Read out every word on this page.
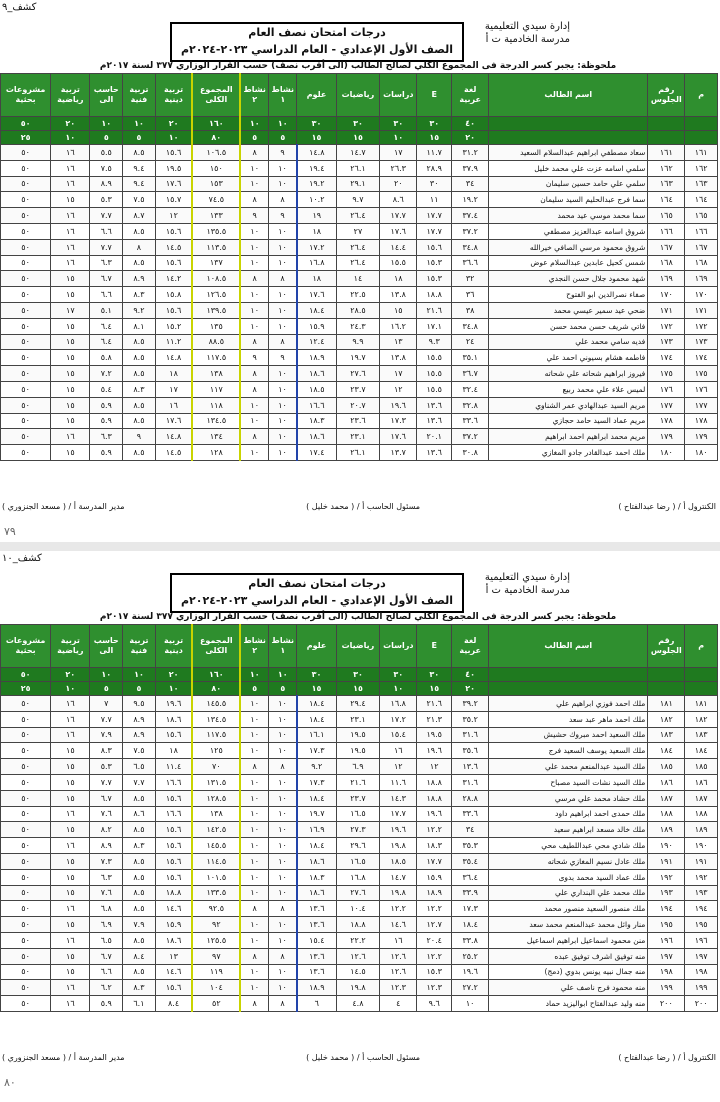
كشف_٩
إدارة سيدي التعليمية
مدرسة الخادمية ت أ
درجات امتحان نصف العام
الصف الأول الإعدادي - العام الدراسي ٢٠٢٣-٢٠٢٤م
ملحوظة: يجبر كسر الدرجة فى المجموع الكلي لصالح الطالب (الى أقرب نصف) حسب القرار الوزاري ٣٧٧ لسنة ٢٠١٧م
م	رقم الجلوس	اسم الطالب	لغة عربية	E	دراسات	رياضيات	علوم	نشاط ١	نشاط ٢	المجموع الكلى	تربية دينية	تربية فنية	حاسب الى	تربية رياضية	مشروعات بحثية
			٤٠	٣٠	٣٠	٣٠	٣٠	١٠	١٠	١٦٠	٢٠	١٠	١٠	٢٠	٥٠
			٢٠	١٥	١٠	١٥	١٥	٥	٥	٨٠	١٠	٥	٥	١٠	٢٥
١٦١	١٦١	سعاد مصطفي ابراهيم عبدالسلام السعيد	٣١.٢	١١.٧	١٧	١٤.٧	١٤.٨	٩	٨	١٠٦.٥	١٥.٦	٨.٥	٥.٥	١٦	٥٠
١٦٢	١٦٢	سلمي اسامه عزت علي محمد خليل	٣٧.٩	٢٨.٩	٢٦.٣	٢٦.١	١٩.٤	١٠	١٠	١٥٠	١٩.٥	٩.٤	٧.٥	١٦	٥٠
١٦٣	١٦٣	سلمي علي حامد حسين سليمان	٣٤	٣٠	٢٠	٢٩.١	١٩.٢	١٠	١٠	١٥٣	١٧.٦	٩.٤	٨.٩	١٦	٥٠
١٦٤	١٦٤	سما فرج عبدالحليم السيد سليمان	١٩.٢	١١	٨.٦	٩.٧	١٠.٢	٨	٨	٧٤.٥	١٥.٧	٧.٥	٥.٣	١٥	٥٠
١٦٥	١٦٥	سما محمد موسي عيد محمد	٣٧.٤	١٧.٧	١٧.٧	٢٦.٤	١٩	٩	٩	١٣٣	١٢	٨.٧	٧.٧	١٦	٥٠
١٦٦	١٦٦	شروق اسامه عبدالعزيز مصطفي	٣٧.٢	١٧.٧	١٧.٦	٢٧	١٨	١٠	١٠	١٣٥.٥	١٥.٦	٨.٥	٦.٦	١٦	٥٠
١٦٧	١٦٧	شروق محمود مرسي الصافي خيرالله	٣٤.٨	١٥.٦	١٤.٤	٢٦.٤	١٧.٢	١٠	١٠	١١٣.٥	١٤.٥	٨	٧.٧	١٦	٥٠
١٦٨	١٦٨	شمس كحيل عابدين عبدالسلام عوض	٣٦.٦	١٥.٣	١٥.٥	٢٦.٤	١٦.٨	١٠	١٠	١٣٧	١٥.٦	٨.٥	٦.٣	١٦	٥٠
١٦٩	١٦٩	شهد محمود جلال حسن النجدي	٣٢	١٥.٣	١٨	١٤	١٨	٨	٨	١٠٨.٥	١٤.٢	٨.٩	٦.٧	١٥	٥٠
١٧٠	١٧٠	صفاء نصرالدين ابو الفتوح	٣٦	١٨.٨	١٣.٨	٢٢.٥	١٧.٦	١٠	١٠	١٢٦.٥	١٥.٨	٨.٣	٦.٦	١٥	٥٠
١٧١	١٧١	ضحي عيد سمير عيسي محمد	٣٨	٢١.٦	١٥	٢٨.٥	١٨.٤	١٠	١٠	١٣٩.٥	١٥.٦	٩.٢	٥.١	١٧	٥٠
١٧٢	١٧٢	فاتي شريف حسن محمد حسن	٣٤.٨	١٧.١	١٦.٢	٢٤.٣	١٥.٩	١٠	١٠	١٣٥	١٥.٢	٨.١	٦.٤	١٥	٥٠
١٧٣	١٧٣	فديه سامي محمد علي	٢٤	٩.٣	١٣	٩.٩	١٢.٤	٨	٨	٨٨.٥	١١.٢	٨.٥	٦.٤	١٥	٥٠
١٧٤	١٧٤	فاطمه هشام بسيوني احمد علي	٣٥.١	١٥.٥	١٣.٨	١٩.٧	١٨.٩	٩	٩	١١٧.٥	١٤.٨	٨.٥	٥.٨	١٥	٥٠
١٧٥	١٧٥	فيروز ابراهيم شحاته علي شحاته	٣٦.٧	١٥.٥	١٧	٢٧.٦	١٨.٦	١٠	٨	١٣٨	١٨	٨.٥	٧.٢	١٥	٥٠
١٧٦	١٧٦	لميس علاء علي محمد ربيع	٣٢.٤	١٥.٥	١٢	٢٣.٧	١٨.٥	١٠	٨	١١٧	١٧	٨.٣	٥.٤	١٥	٥٠
١٧٧	١٧٧	مريم السيد عبدالهادي عمر الشناوي	٣٢.٨	١٣.٦	١٩.٦	٢٠.٧	١٦.٦	١٠	١٠	١١٨	١٦	٨.٥	٥.٩	١٥	٥٠
١٧٨	١٧٨	مريم عماد السيد حامد حجازي	٣٣.٦	١٣.٦	١٧.٣	٢٣.٦	١٨.٣	١٠	١٠	١٣٤.٥	١٧.٦	٨.٥	٥.٩	١٥	٥٠
١٧٩	١٧٩	مريم محمد ابراهيم احمد ابراهيم	٣٧.٢	٢٠.١	١٧.٦	٢٣.١	١٨.٦	١٠	٨	١٣٤	١٤.٨	٩	٦.٣	١٦	٥٠
١٨٠	١٨٠	ملك احمد عبدالقادر جادو المغازي	٣٠.٨	١٣.٦	١٣.٧	٢٦.١	١٧.٤	١٠	١٠	١٢٨	١٤.٥	٨.٥	٥.٩	١٥	٥٠
الكنترول أ / ( رضا عبدالفتاح )
مسئول الحاسب أ / ( محمد خليل )
مدير المدرسة أ / ( مسعد الجنزوري )
٧٩
كشف_١٠
إدارة سيدي التعليمية
مدرسة الخادمية ت أ
درجات امتحان نصف العام
الصف الأول الإعدادي - العام الدراسي ٢٠٢٣-٢٠٢٤م
ملحوظة: يجبر كسر الدرجة فى المجموع الكلي لصالح الطالب (الى أقرب نصف) حسب القرار الوزاري ٣٧٧ لسنة ٢٠١٧م
م	رقم الجلوس	اسم الطالب	لغة عربية	E	دراسات	رياضيات	علوم	نشاط ١	نشاط ٢	المجموع الكلى	تربية دينية	تربية فنية	حاسب الى	تربية رياضية	مشروعات بحثية
			٤٠	٣٠	٣٠	٣٠	٣٠	١٠	١٠	١٦٠	٢٠	١٠	١٠	٢٠	٥٠
			٢٠	١٥	١٠	١٥	١٥	٥	٥	٨٠	١٠	٥	٥	١٠	٢٥
١٨١	١٨١	ملك احمد فوزي ابراهيم علي	٣٩.٢	٢١.٦	١٦.٨	٢٩.٤	١٨.٤	١٠	١٠	١٤٥.٥	١٩.٦	٩.٥	٧	١٦	٥٠
١٨٢	١٨٢	ملك احمد ماهر عبد سعد	٣٥.٢	٢١.٣	١٧.٢	٢٣.١	١٨.٤	١٠	١٠	١٣٤.٥	١٨.٦	٨.٩	٧.٧	١٦	٥٠
١٨٣	١٨٣	ملك السعيد احمد مبروك حشيش	٣١.٦	١٩.٥	١٥.٤	١٩.٥	١٦.١	١٠	١٠	١١٧.٥	١٥.٦	٨.٩	٧.٩	١٦	٥٠
١٨٤	١٨٤	ملك السعيد يوسف السعيد فرج	٣٥.٦	١٩.٦	١٦	١٩.٥	١٧.٣	١٠	١٠	١٢٥	١٨	٧.٥	٨.٣	١٥	٥٠
١٨٥	١٨٥	ملك السيد عبدالمنعم محمد علي	١٣.٦	١٢	١٢	٦.٩	٩.٢	٨	٨	٧٠	١١.٤	٦.٥	٥.٣	١٥	٥٠
١٨٦	١٨٦	ملك السيد نشات السيد مصباح	٣١.٦	١٨.٨	١١.٦	٢١.٦	١٧.٣	١٠	١٠	١٣١.٥	١٦.٦	٧.٧	٧.٧	١٥	٥٠
١٨٧	١٨٧	ملك حشاد محمد علي مرسي	٢٨.٨	١٨.٨	١٤.٣	٢٣.٧	١٨.٤	١٠	١٠	١٢٨.٥	١٥.٦	٨.٥	٦.٧	١٥	٥٠
١٨٨	١٨٨	ملك حمدى احمد ابراهيم داود	٣٣.٦	١٩.٦	١٧.٧	١٦.٥	١٩.٧	١٠	١٠	١٣٨	١٦.٦	٨.٦	٧.٦	١٦	٥٠
١٨٩	١٨٩	ملك خالد مسعد ابراهيم سعيد	٣٤	١٢.٢	١٩.٦	٢٧.٣	١٦.٩	١٠	١٠	١٤٢.٥	١٥.٦	٨.٥	٨.٢	١٥	٥٠
١٩٠	١٩٠	ملك شادي محي عبداللطيف محي	٣٥.٣	١٨.٣	١٩.٨	٢٩.٦	١٨.٤	١٠	١٠	١٤٥.٥	١٥.٦	٨.٣	٨.٩	١٦	٥٠
١٩١	١٩١	ملك عادل نسيم المغازي شحاته	٣٥.٤	١٧.٧	١٨.٥	١٦.٥	١٨.٦	١٠	١٠	١١٤.٥	١٥.٦	٨.٥	٧.٣	١٥	٥٠
١٩٢	١٩٢	ملك عماد السيد محمد بدوى	٣٦.٤	١٥.٩	١٤.٧	١٦.٨	١٨.٣	١٠	١٠	١٠١.٥	١٥.٦	٨.٥	٦.٣	١٥	٥٠
١٩٣	١٩٣	ملك محمد علي البنداري علي	٣٣.٩	١٨.٩	١٩.٨	٢٧.٦	١٨.٦	١٠	١٠	١٣٣.٥	١٨.٨	٨.٥	٧.٦	١٥	٥٠
١٩٤	١٩٤	ملك منصور السعيد منصور محمد	١٧.٣	١٢.٢	١٢.٢	١٠.٤	١٣.٦	٨	٨	٩٢.٥	١٤.٦	٨.٥	٦.٨	١٦	٥٠
١٩٥	١٩٥	منار وائل محمد عبدالمنعم محمد سعد	١٨.٤	١٢.٧	١٤.٦	١٨.٨	١٣.٦	١٠	١٠	٩٢	١٥.٩	٧.٩	٦.٩	١٥	٥٠
١٩٦	١٩٦	منن محمود اسماعيل ابراهيم اسماعيل	٣٣.٨	٢٠.٤	١٦	٢٢.٢	١٥.٤	١٠	١٠	١٢٥.٥	١٨.٦	٨.٥	٦.٥	١٦	٥٠
١٩٧	١٩٧	منه توفيق اشرف توفيق عبده	٢٥.٢	١٢.٢	١٢.٦	١٢.٦	١٣.٦	٨	٨	٩٧	١٣	٨.٤	٦.٧	١٥	٥٠
١٩٨	١٩٨	منه جمال نبيه يونس بدوي (دمج)	١٩.٦	١٥.٣	١٢.٦	١٤.٥	١٣.٦	١٠	١٠	١١٩	١٤.٦	٨.٥	٦.٦	١٥	٥٠
١٩٩	١٩٩	منه محمود فرج ناصف علي	٢٧.٢	١٢.٣	١٢.٣	١٩.٨	١٨.٩	١٠	١٠	١٠٤	١٥.٦	٨.٣	٦.٢	١٦	٥٠
٢٠٠	٢٠٠	منه وليد عبدالفتاح ابواليزيد حماد	١٠	٩.٦	٤	٤.٨	٦	٨	٨	٥٢	٨.٤	٦.١	٥.٩	١٦	٥٠
الكنترول أ / ( رضا عبدالفتاح )
مسئول الحاسب أ / ( محمد خليل )
مدير المدرسة أ / ( مسعد الجنزوري )
٨٠
